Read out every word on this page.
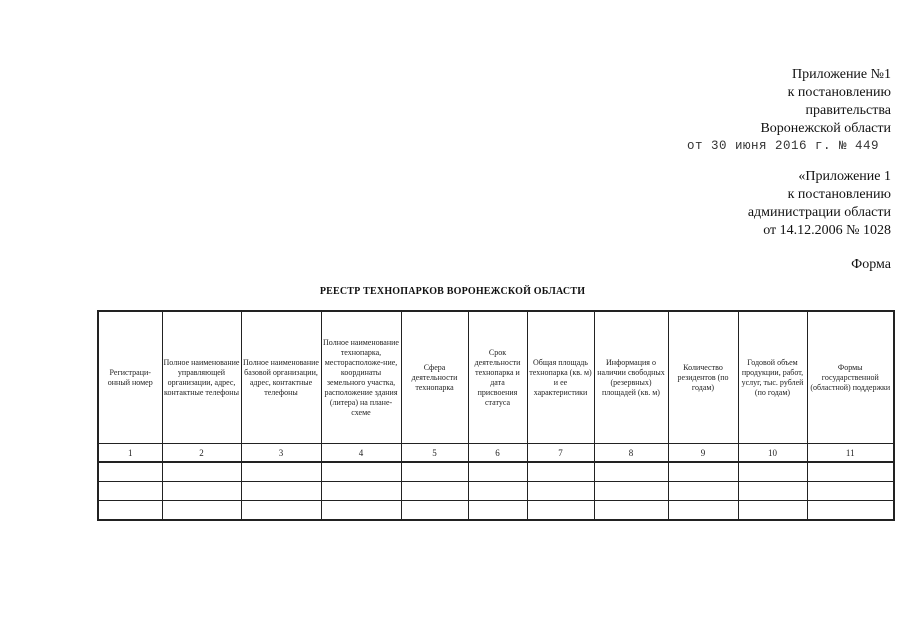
Приложение №1
к постановлению
правительства
Воронежской области
от 30 июня 2016 г. № 449
«Приложение 1
к постановлению
администрации области
от 14.12.2006 № 1028
Форма
РЕЕСТР ТЕХНОПАРКОВ ВОРОНЕЖСКОЙ ОБЛАСТИ
Регистраци-онный номер	Полное наименование управляющей организации, адрес, контактные телефоны	Полное наименование базовой организации, адрес, контактные телефоны	Полное наименование технопарка, месторасположе-ние, координаты земельного участка, расположение здания (литера) на плане-схеме	Сфера деятельности технопарка	Срок деятельности технопарка и дата присвоения статуса	Общая площадь технопарка (кв. м) и ее характеристики	Информация о наличии свободных (резервных) площадей (кв. м)	Количество резидентов (по годам)	Годовой объем продукции, работ, услуг, тыс. рублей (по годам)	Формы государственной (областной) поддержки
1	2	3	4	5	6	7	8	9	10	11
